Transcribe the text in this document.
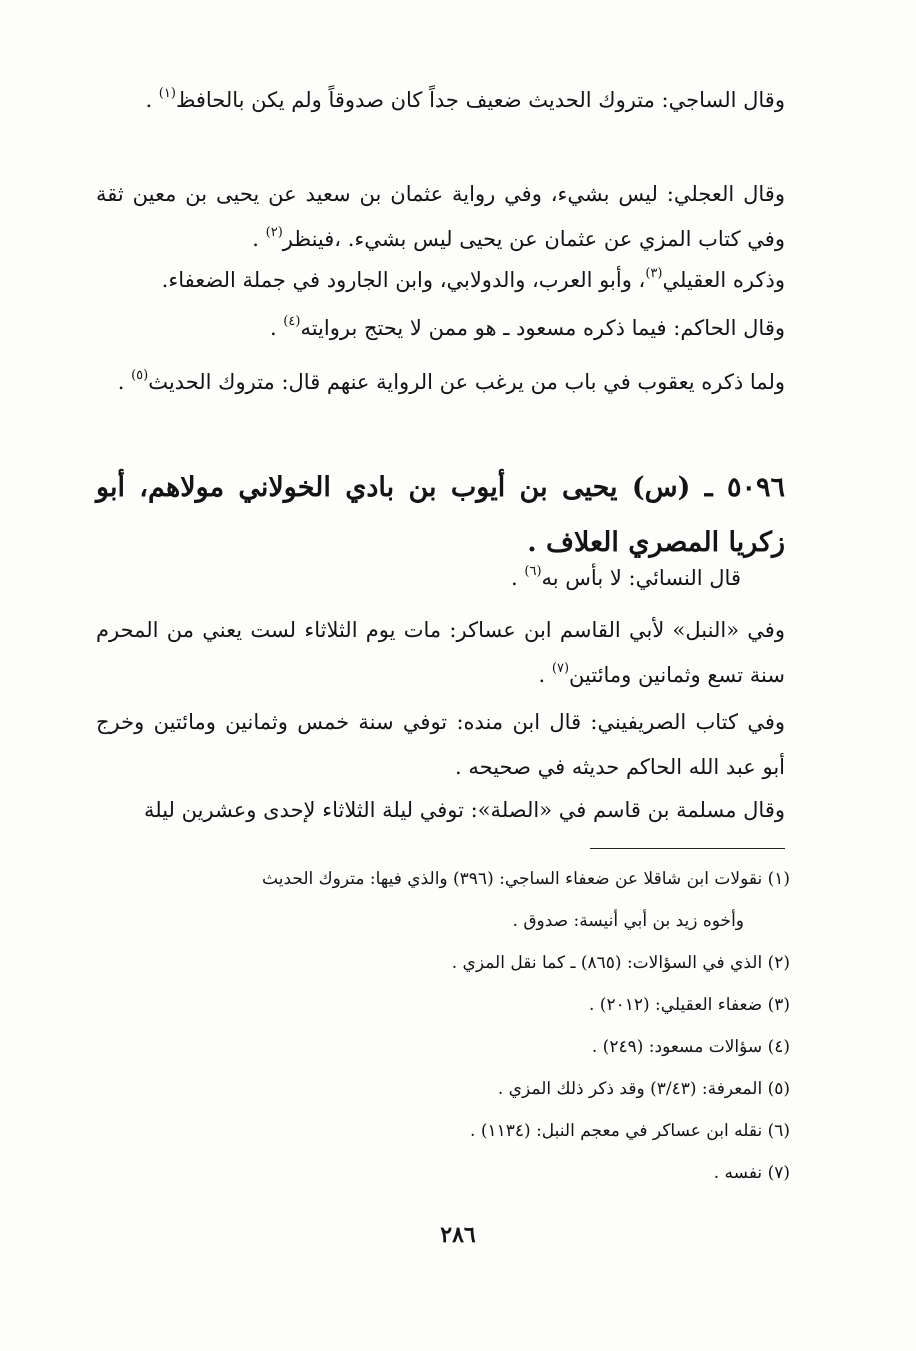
وقال الساجي: متروك الحديث ضعيف جداً كان صدوقاً ولم يكن بالحافظ$^{(١)}$ .

وقال العجلي: ليس بشيء، وفي رواية عثمان بن سعيد عن يحيى بن معين ثقة وفي كتاب المزي عن عثمان عن يحيى ليس بشيء. ،فينظر$^{(٢)}$ .

وذكره العقيلي$^{(٣)}$، وأبو العرب، والدولابي، وابن الجارود في جملة الضعفاء.

وقال الحاكم: فيما ذكره مسعود ـ هو ممن لا يحتج بروايته$^{(٤)}$ .

ولما ذكره يعقوب في باب من يرغب عن الرواية عنهم قال: متروك الحديث$^{(٥)}$ .

٥٠٩٦ ـ (س) يحيى بن أيوب بن بادي الخولاني مولاهم، أبو زكريا المصري العلاف .

قال النسائي: لا بأس به$^{(٦)}$ .

وفي «النبل» لأبي القاسم ابن عساكر: مات يوم الثلاثاء لست يعني من المحرم سنة تسع وثمانين ومائتين$^{(٧)}$ .

وفي كتاب الصريفيني: قال ابن منده: توفي سنة خمس وثمانين ومائتين وخرج أبو عبد الله الحاكم حديثه في صحيحه .

وقال مسلمة بن قاسم في «الصلة»: توفي ليلة الثلاثاء لإحدى وعشرين ليلة

(١) نقولات ابن شاقلا عن ضعفاء الساجي: (٣٩٦) والذي فيها: متروك الحديث

وأخوه زيد بن أبي أنيسة: صدوق .

(٢) الذي في السؤالات: (٨٦٥) ـ كما نقل المزي .

(٣) ضعفاء العقيلي: (٢٠١٢) .

(٤) سؤالات مسعود: (٢٤٩) .

(٥) المعرفة: (٣/٤٣) وقد ذكر ذلك المزي .

(٦) نقله ابن عساكر في معجم النبل: (١١٣٤) .

(٧) نفسه .

٢٨٦
